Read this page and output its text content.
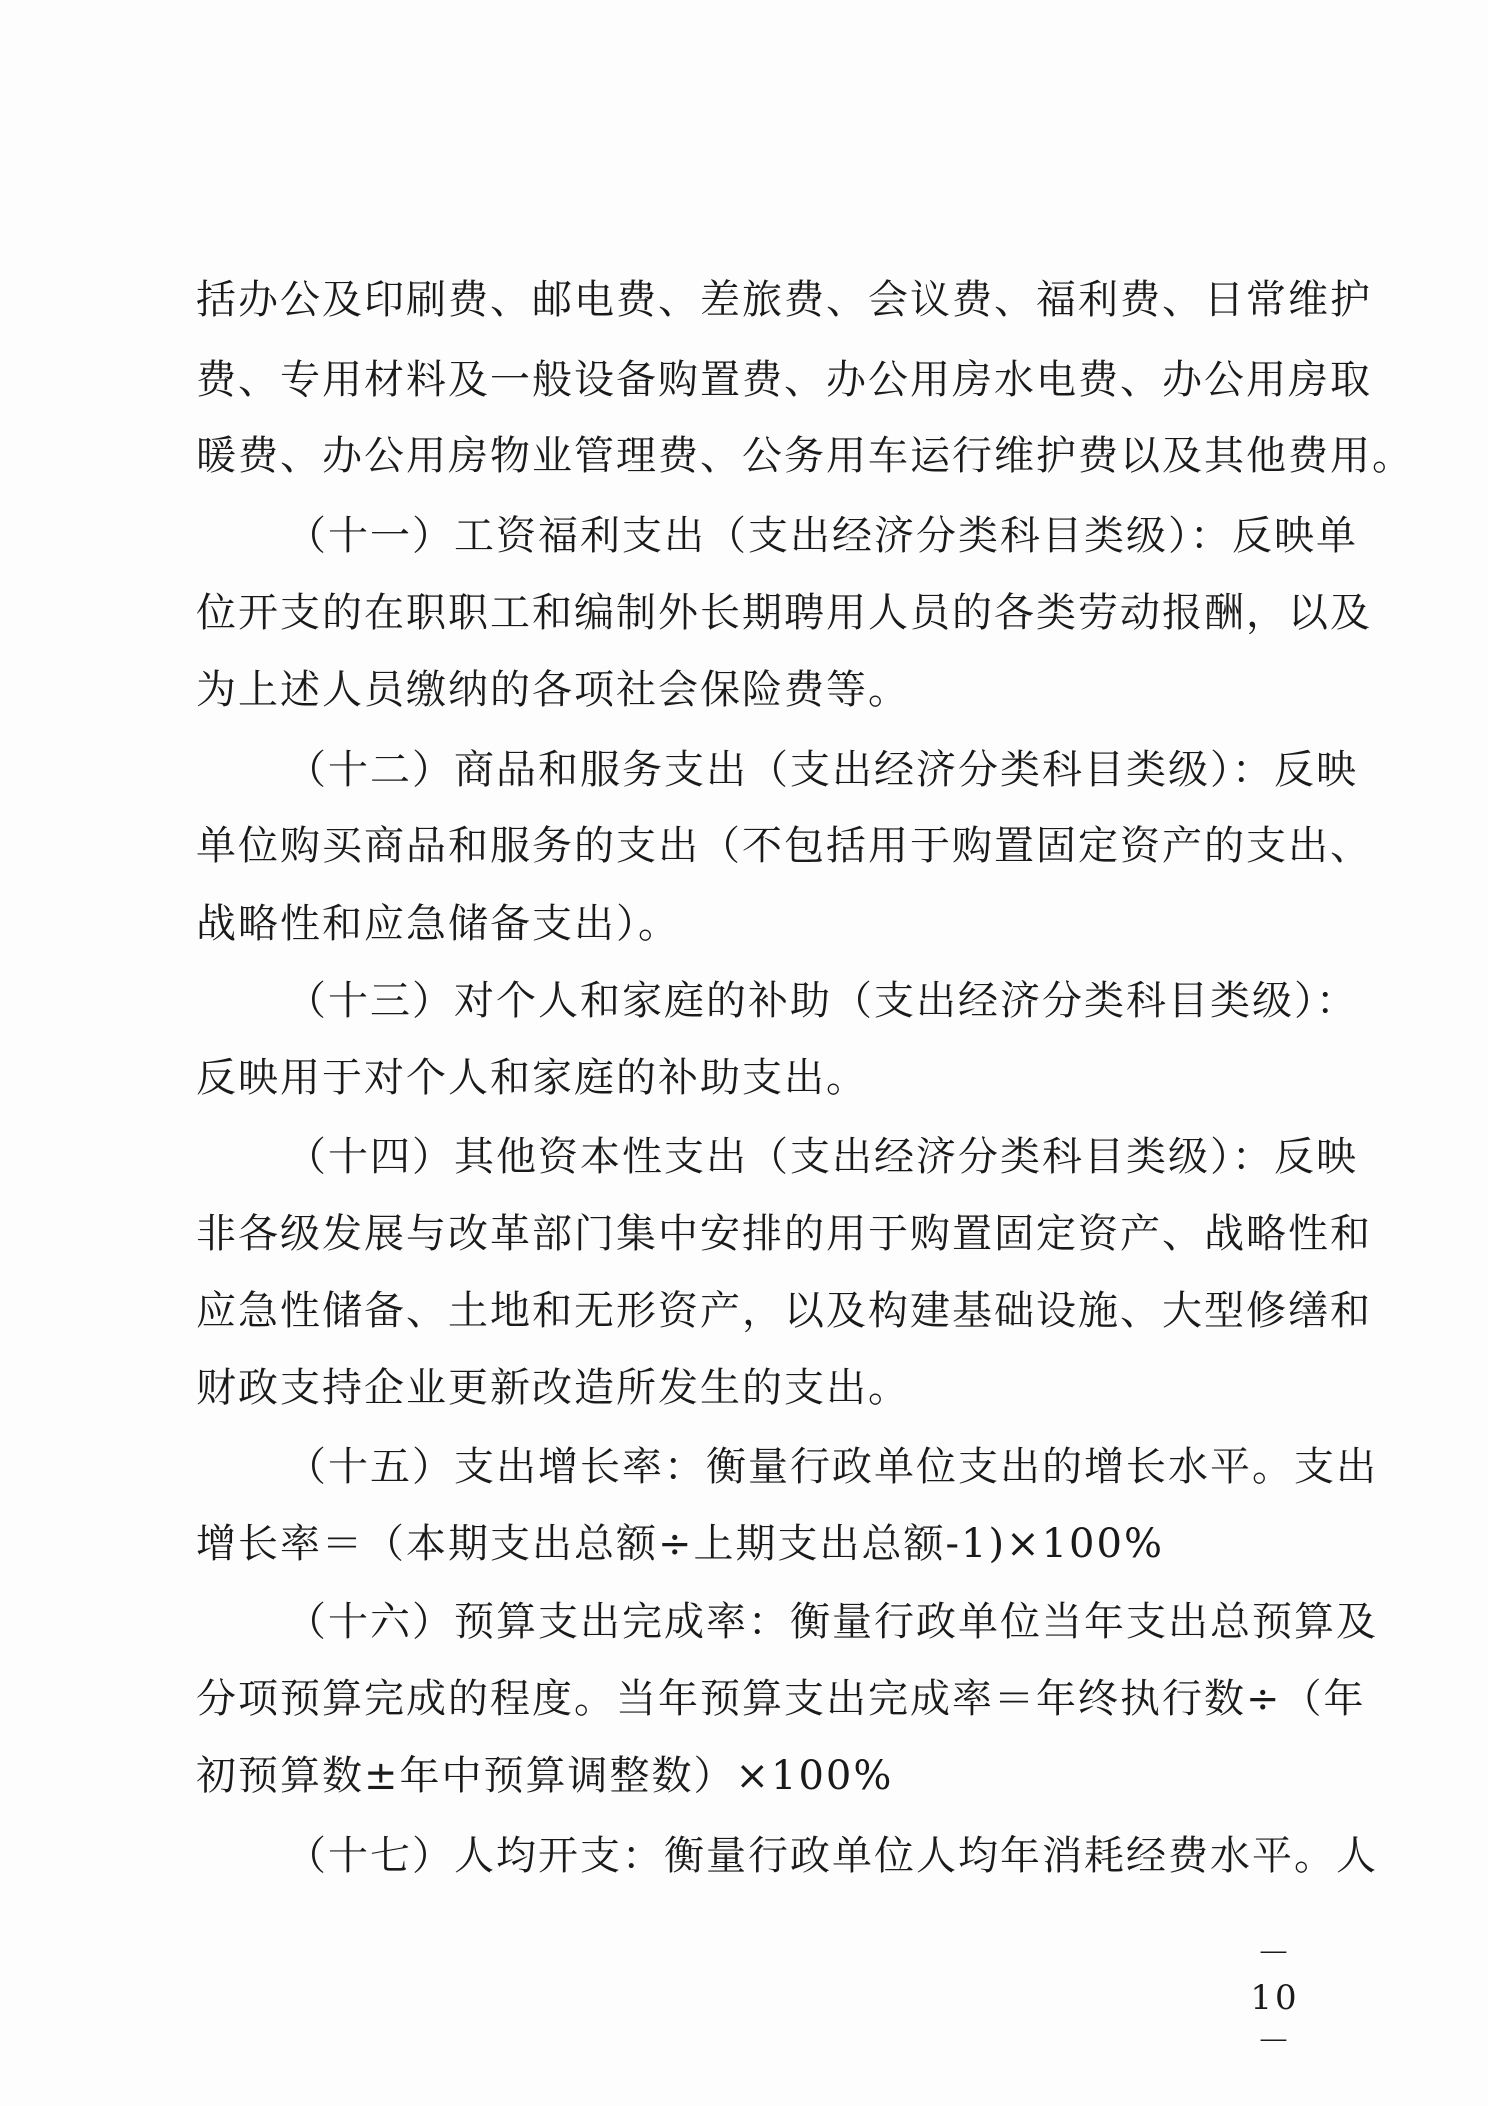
括办公及印刷费、邮电费、差旅费、会议费、福利费、日常维护
费、专用材料及一般设备购置费、办公用房水电费、办公用房取
暖费、办公用房物业管理费、公务用车运行维护费以及其他费用。
（十一）工资福利支出（支出经济分类科目类级）：反映单
位开支的在职职工和编制外长期聘用人员的各类劳动报酬，以及
为上述人员缴纳的各项社会保险费等。
（十二）商品和服务支出（支出经济分类科目类级）：反映
单位购买商品和服务的支出（不包括用于购置固定资产的支出、
战略性和应急储备支出）。
（十三）对个人和家庭的补助（支出经济分类科目类级）：
反映用于对个人和家庭的补助支出。
（十四）其他资本性支出（支出经济分类科目类级）：反映
非各级发展与改革部门集中安排的用于购置固定资产、战略性和
应急性储备、土地和无形资产，以及构建基础设施、大型修缮和
财政支持企业更新改造所发生的支出。
（十五）支出增长率：衡量行政单位支出的增长水平。支出
增长率＝（本期支出总额÷上期支出总额-1)×100%
（十六）预算支出完成率：衡量行政单位当年支出总预算及
分项预算完成的程度。当年预算支出完成率＝年终执行数÷（年
初预算数±年中预算调整数）×100%
（十七）人均开支：衡量行政单位人均年消耗经费水平。人
－ 10 －
